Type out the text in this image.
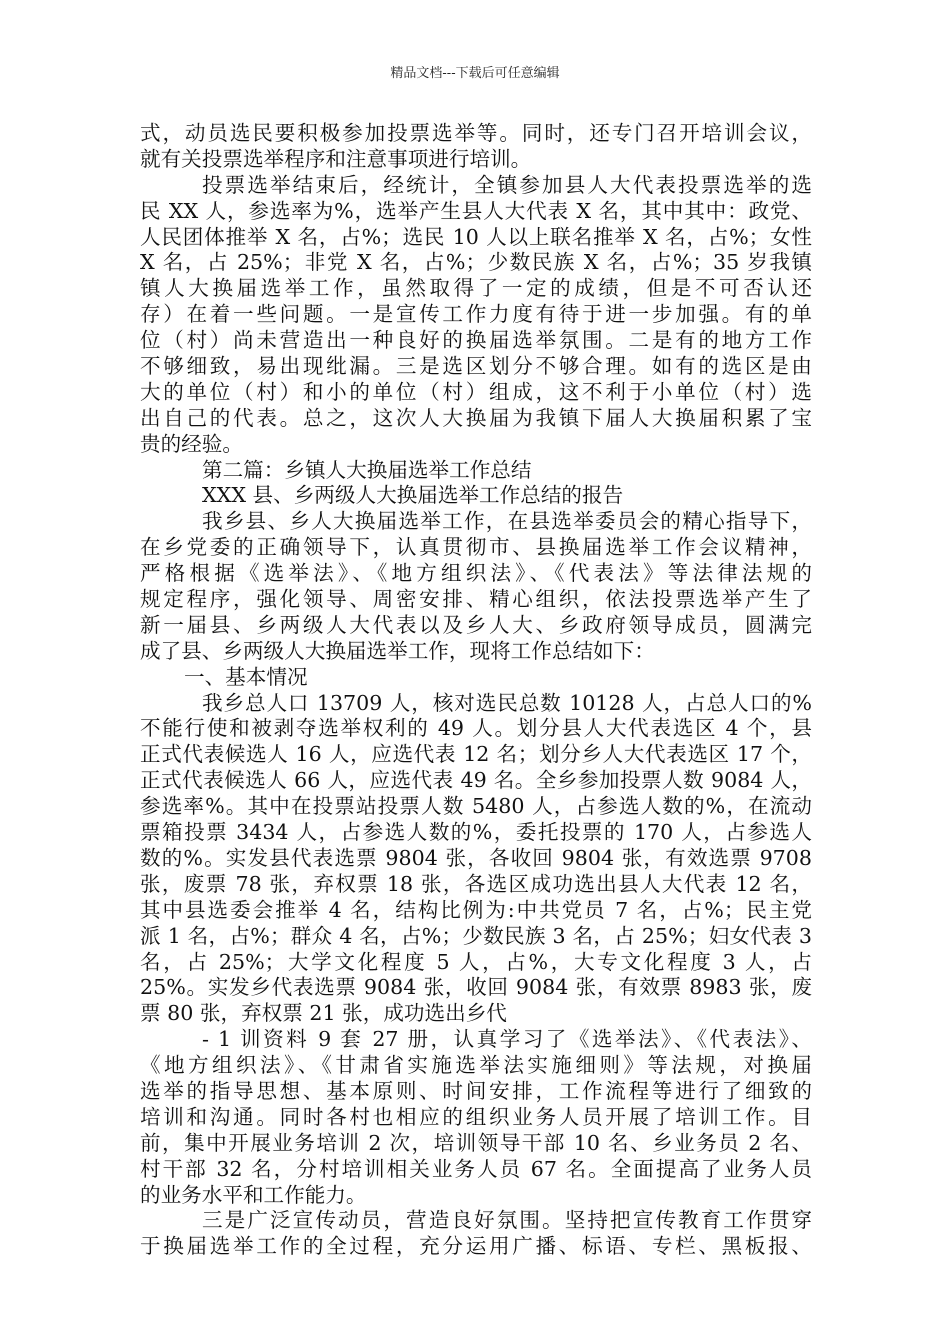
精品文档---下载后可任意编辑
式，动员选民要积极参加投票选举等。同时，还专门召开培训会议，
就有关投票选举程序和注意事项进行培训。
投票选举结束后，经统计，全镇参加县人大代表投票选举的选
民 XX 人，参选率为%，选举产生县人大代表 X 名，其中其中：政党、
人民团体推举 X 名，占%；选民 10 人以上联名推举 X 名，占%；女性
X 名，占 25%；非党 X 名，占%；少数民族 X 名，占%；35 岁我镇
镇人大换届选举工作，虽然取得了一定的成绩，但是不可否认还
存）在着一些问题。一是宣传工作力度有待于进一步加强。有的单
位（村）尚未营造出一种良好的换届选举氛围。二是有的地方工作
不够细致，易出现纰漏。三是选区划分不够合理。如有的选区是由
大的单位（村）和小的单位（村）组成，这不利于小单位（村）选
出自己的代表。总之，这次人大换届为我镇下届人大换届积累了宝
贵的经验。
第二篇：乡镇人大换届选举工作总结
XXX 县、乡两级人大换届选举工作总结的报告
我乡县、乡人大换届选举工作，在县选举委员会的精心指导下，
在乡党委的正确领导下，认真贯彻市、县换届选举工作会议精神，
严格根据《选举法》、《地方组织法》、《代表法》等法律法规的
规定程序，强化领导、周密安排、精心组织，依法投票选举产生了
新一届县、乡两级人大代表以及乡人大、乡政府领导成员，圆满完
成了县、乡两级人大换届选举工作，现将工作总结如下：
一、基本情况
我乡总人口 13709 人，核对选民总数 10128 人，占总人口的%
不能行使和被剥夺选举权利的 49 人。划分县人大代表选区 4 个，县
正式代表候选人 16 人，应选代表 12 名；划分乡人大代表选区 17 个，
正式代表候选人 66 人，应选代表 49 名。全乡参加投票人数 9084 人，
参选率%。其中在投票站投票人数 5480 人，占参选人数的%，在流动
票箱投票 3434 人，占参选人数的%，委托投票的 170 人，占参选人
数的%。实发县代表选票 9804 张，各收回 9804 张，有效选票 9708
张，废票 78 张，弃权票 18 张，各选区成功选出县人大代表 12 名，
其中县选委会推举 4 名，结构比例为:中共党员 7 名，占%；民主党
派 1 名，占%；群众 4 名，占%；少数民族 3 名，占 25%；妇女代表 3
名，占 25%；大学文化程度 5 人，占%，大专文化程度 3 人，占
25%。实发乡代表选票 9084 张，收回 9084 张，有效票 8983 张，废
票 80 张，弃权票 21 张，成功选出乡代
- 1 训资料 9 套 27 册，认真学习了《选举法》、《代表法》、
《地方组织法》、《甘肃省实施选举法实施细则》等法规，对换届
选举的指导思想、基本原则、时间安排，工作流程等进行了细致的
培训和沟通。同时各村也相应的组织业务人员开展了培训工作。目
前，集中开展业务培训 2 次，培训领导干部 10 名、乡业务员 2 名、
村干部 32 名，分村培训相关业务人员 67 名。全面提高了业务人员
的业务水平和工作能力。
三是广泛宣传动员，营造良好氛围。坚持把宣传教育工作贯穿
于换届选举工作的全过程，充分运用广播、标语、专栏、黑板报、
